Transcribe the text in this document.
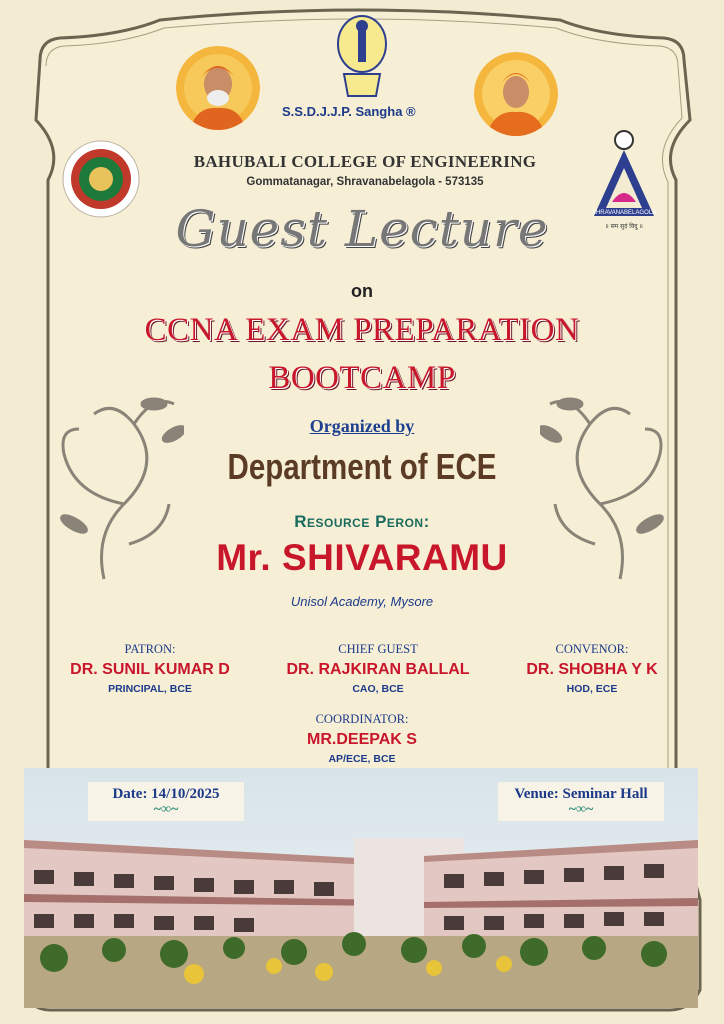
S.S.D.J.J.P. Sangha ®
BAHUBALI COLLEGE OF ENGINEERING
Gommatanagar, Shravanabelagola - 573135
SHRAVANABELAGOLA
॥ सम सुदं विदु ॥
Guest Lecture
on
CCNA EXAM PREPARATION
BOOTCAMP
Organized by
Department of ECE
Resource Peron:
Mr. SHIVARAMU
Unisol Academy, Mysore
PATRON:
DR. SUNIL KUMAR D
PRINCIPAL, BCE
CHIEF GUEST
DR. RAJKIRAN BALLAL
CAO, BCE
CONVENOR:
DR. SHOBHA Y K
HOD, ECE
COORDINATOR:
MR.DEEPAK S
AP/ECE, BCE
Date: 14/10/2025
~∞~
Venue: Seminar Hall
~∞~
